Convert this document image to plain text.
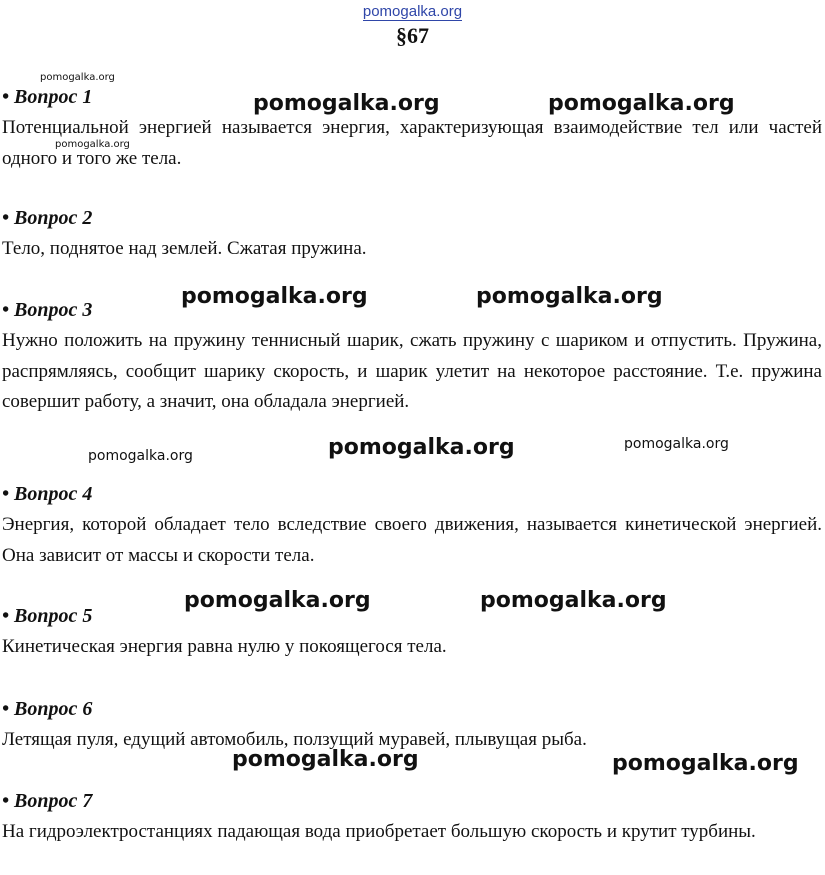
pomogalka.org
§67
• Вопрос 1

Потенциальной энергией называется энергия, характеризующая взаимодействие тел или частей одного и того же тела.

• Вопрос 2

Тело, поднятое над землей. Сжатая пружина.

• Вопрос 3

Нужно положить на пружину теннисный шарик, сжать пружину с шариком и отпустить. Пружина, распрямляясь, сообщит шарику скорость, и шарик улетит на некоторое расстояние. Т.е. пружина совершит работу, а значит, она обладала энергией.

• Вопрос 4

Энергия, которой обладает тело вследствие своего движения, называется кинетической энергией. Она зависит от массы и скорости тела.

• Вопрос 5

Кинетическая энергия равна нулю у покоящегося тела.

• Вопрос 6

Летящая пуля, едущий автомобиль, ползущий муравей, плывущая рыба.

• Вопрос 7

На гидроэлектростанциях падающая вода приобретает большую скорость и крутит турбины.

pomogalka.org
pomogalka.org
pomogalka.org	pomogalka.org
pomogalka.org	pomogalka.org
pomogalka.org
pomogalka.org
pomogalka.org
pomogalka.org	pomogalka.org
pomogalka.org	pomogalka.org
